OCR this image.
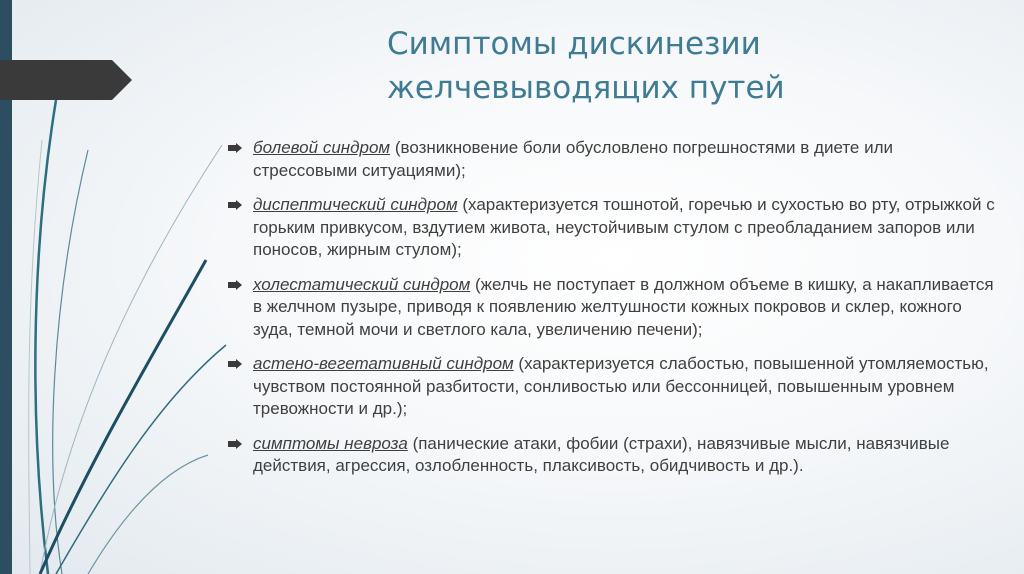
Симптомы дискинезии
желчевыводящих путей
болевой синдром (возникновение боли обусловлено погрешностями в диете или стрессовыми ситуациями);
диспептический синдром (характеризуется тошнотой, горечью и сухостью во рту, отрыжкой с горьким привкусом, вздутием живота, неустойчивым стулом с преобладанием запоров или поносов, жирным стулом);
холестатический синдром (желчь не поступает в должном объеме в кишку, а накапливается в желчном пузыре, приводя к появлению желтушности кожных покровов и склер, кожного зуда, темной мочи и светлого кала, увеличению печени);
астено-вегетативный синдром (характеризуется слабостью, повышенной утомляемостью, чувством постоянной разбитости, сонливостью или бессонницей, повышенным уровнем тревожности и др.);
симптомы невроза (панические атаки, фобии (страхи), навязчивые мысли, навязчивые действия, агрессия, озлобленность, плаксивость, обидчивость и др.).
